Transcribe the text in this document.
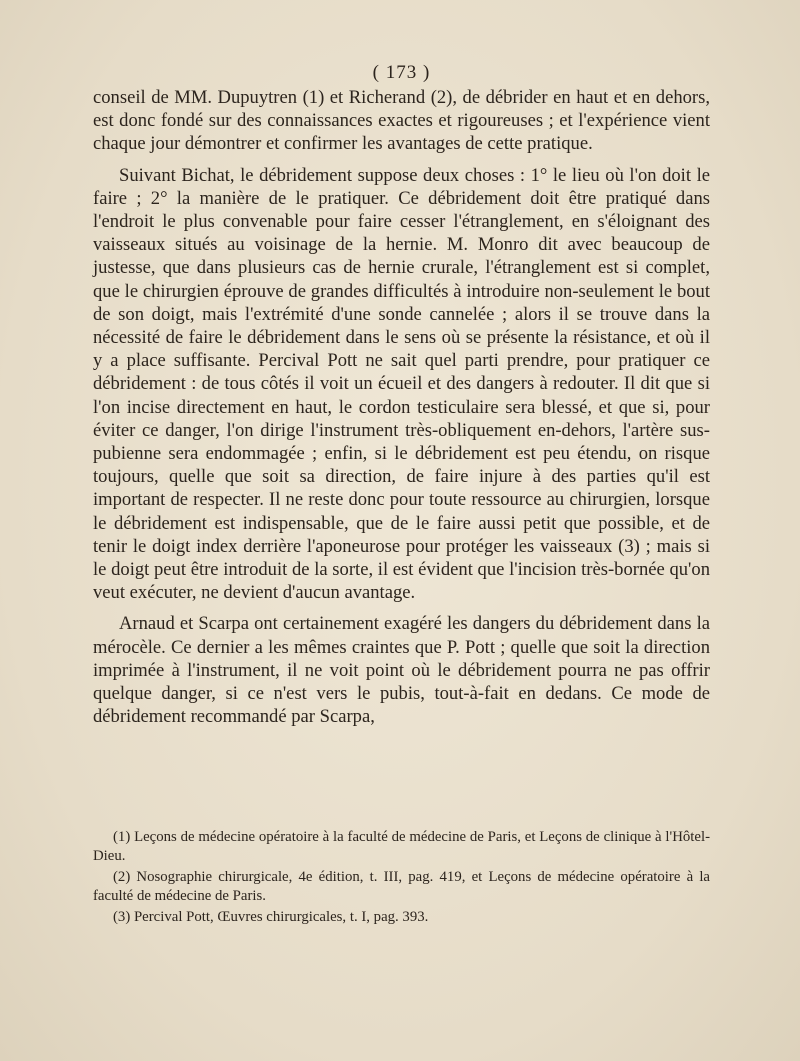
( 173 )

conseil de MM. Dupuytren (1) et Richerand (2), de débrider en haut et en dehors, est donc fondé sur des connaissances exactes et rigoureuses ; et l'expérience vient chaque jour démontrer et confirmer les avantages de cette pratique.

Suivant Bichat, le débridement suppose deux choses : 1° le lieu où l'on doit le faire ; 2° la manière de le pratiquer. Ce débridement doit être pratiqué dans l'endroit le plus convenable pour faire cesser l'étranglement, en s'éloignant des vaisseaux situés au voisinage de la hernie. M. Monro dit avec beaucoup de justesse, que dans plusieurs cas de hernie crurale, l'étranglement est si complet, que le chirurgien éprouve de grandes difficultés à introduire non-seulement le bout de son doigt, mais l'extrémité d'une sonde cannelée ; alors il se trouve dans la nécessité de faire le débridement dans le sens où se présente la résistance, et où il y a place suffisante. Percival Pott ne sait quel parti prendre, pour pratiquer ce débridement : de tous côtés il voit un écueil et des dangers à redouter. Il dit que si l'on incise directement en haut, le cordon testiculaire sera blessé, et que si, pour éviter ce danger, l'on dirige l'instrument très-obliquement en-dehors, l'artère sus-pubienne sera endommagée ; enfin, si le débridement est peu étendu, on risque toujours, quelle que soit sa direction, de faire injure à des parties qu'il est important de respecter. Il ne reste donc pour toute ressource au chirurgien, lorsque le débridement est indispensable, que de le faire aussi petit que possible, et de tenir le doigt index derrière l'aponeurose pour protéger les vaisseaux (3) ; mais si le doigt peut être introduit de la sorte, il est évident que l'incision très-bornée qu'on veut exécuter, ne devient d'aucun avantage.

Arnaud et Scarpa ont certainement exagéré les dangers du débridement dans la mérocèle. Ce dernier a les mêmes craintes que P. Pott ; quelle que soit la direction imprimée à l'instrument, il ne voit point où le débridement pourra ne pas offrir quelque danger, si ce n'est vers le pubis, tout-à-fait en dedans. Ce mode de débridement recommandé par Scarpa,

(1) Leçons de médecine opératoire à la faculté de médecine de Paris, et Leçons de clinique à l'Hôtel-Dieu.

(2) Nosographie chirurgicale, 4e édition, t. III, pag. 419, et Leçons de médecine opératoire à la faculté de médecine de Paris.

(3) Percival Pott, Œuvres chirurgicales, t. I, pag. 393.
